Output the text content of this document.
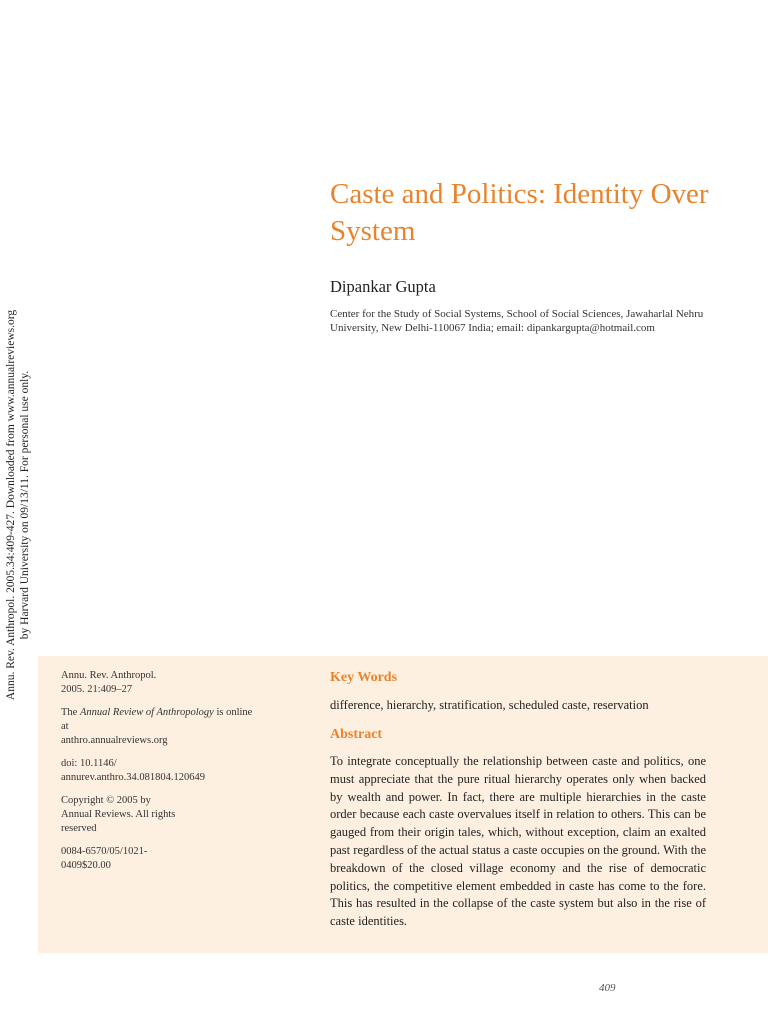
Annu. Rev. Anthropol. 2005.34:409-427. Downloaded from www.annualreviews.org by Harvard University on 09/13/11. For personal use only.
Caste and Politics: Identity Over System
Dipankar Gupta
Center for the Study of Social Systems, School of Social Sciences, Jawaharlal Nehru University, New Delhi-110067 India; email: dipankargupta@hotmail.com

Annu. Rev. Anthropol.
2005. 21:409–27

The Annual Review of Anthropology is online at
anthro.annualreviews.org

doi: 10.1146/
annurev.anthro.34.081804.120649

Copyright © 2005 by
Annual Reviews. All rights
reserved

0084-6570/05/1021-
0409$20.00

Key Words
difference, hierarchy, stratification, scheduled caste, reservation
Abstract

To integrate conceptually the relationship between caste and politics, one must appreciate that the pure ritual hierarchy operates only when backed by wealth and power. In fact, there are multiple hierarchies in the caste order because each caste overvalues itself in relation to others. This can be gauged from their origin tales, which, without exception, claim an exalted past regardless of the actual status a caste occupies on the ground. With the breakdown of the closed village economy and the rise of democratic politics, the competitive element embedded in caste has come to the fore. This has resulted in the collapse of the caste system but also in the rise of caste identities.

409
